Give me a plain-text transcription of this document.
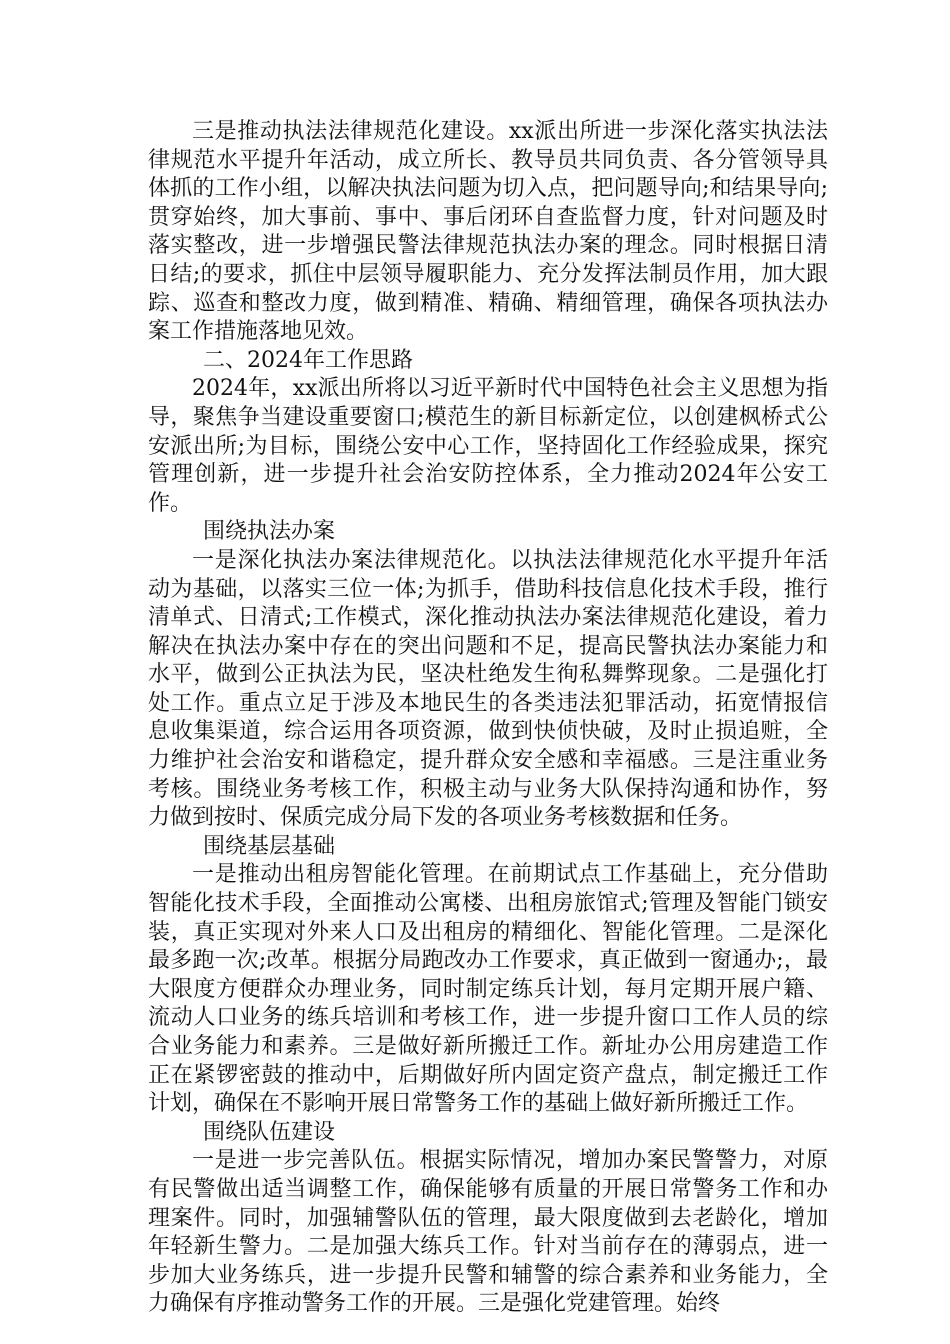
三是推动执法法律规范化建设。xx派出所进一步深化落实执法法律规范水平提升年活动，成立所长、教导员共同负责、各分管领导具体抓的工作小组，以解决执法问题为切入点，把问题导向;和结果导向;贯穿始终，加大事前、事中、事后闭环自查监督力度，针对问题及时落实整改，进一步增强民警法律规范执法办案的理念。同时根据日清日结;的要求，抓住中层领导履职能力、充分发挥法制员作用，加大跟踪、巡查和整改力度，做到精准、精确、精细管理，确保各项执法办案工作措施落地见效。

二、2024年工作思路

2024年，xx派出所将以习近平新时代中国特色社会主义思想为指导，聚焦争当建设重要窗口;模范生的新目标新定位，以创建枫桥式公安派出所;为目标，围绕公安中心工作，坚持固化工作经验成果，探究管理创新，进一步提升社会治安防控体系，全力推动2024年公安工作。

围绕执法办案

一是深化执法办案法律规范化。以执法法律规范化水平提升年活动为基础，以落实三位一体;为抓手，借助科技信息化技术手段，推行清单式、日清式;工作模式，深化推动执法办案法律规范化建设，着力解决在执法办案中存在的突出问题和不足，提高民警执法办案能力和水平，做到公正执法为民，坚决杜绝发生徇私舞弊现象。二是强化打处工作。重点立足于涉及本地民生的各类违法犯罪活动，拓宽情报信息收集渠道，综合运用各项资源，做到快侦快破，及时止损追赃，全力维护社会治安和谐稳定，提升群众安全感和幸福感。三是注重业务考核。围绕业务考核工作，积极主动与业务大队保持沟通和协作，努力做到按时、保质完成分局下发的各项业务考核数据和任务。

围绕基层基础

一是推动出租房智能化管理。在前期试点工作基础上，充分借助智能化技术手段，全面推动公寓楼、出租房旅馆式;管理及智能门锁安装，真正实现对外来人口及出租房的精细化、智能化管理。二是深化最多跑一次;改革。根据分局跑改办工作要求，真正做到一窗通办;，最大限度方便群众办理业务，同时制定练兵计划，每月定期开展户籍、流动人口业务的练兵培训和考核工作，进一步提升窗口工作人员的综合业务能力和素养。三是做好新所搬迁工作。新址办公用房建造工作正在紧锣密鼓的推动中，后期做好所内固定资产盘点，制定搬迁工作计划，确保在不影响开展日常警务工作的基础上做好新所搬迁工作。

围绕队伍建设

一是进一步完善队伍。根据实际情况，增加办案民警警力，对原有民警做出适当调整工作，确保能够有质量的开展日常警务工作和办理案件。同时，加强辅警队伍的管理，最大限度做到去老龄化，增加年轻新生警力。二是加强大练兵工作。针对当前存在的薄弱点，进一步加大业务练兵，进一步提升民警和辅警的综合素养和业务能力，全力确保有序推动警务工作的开展。三是强化党建管理。始终
